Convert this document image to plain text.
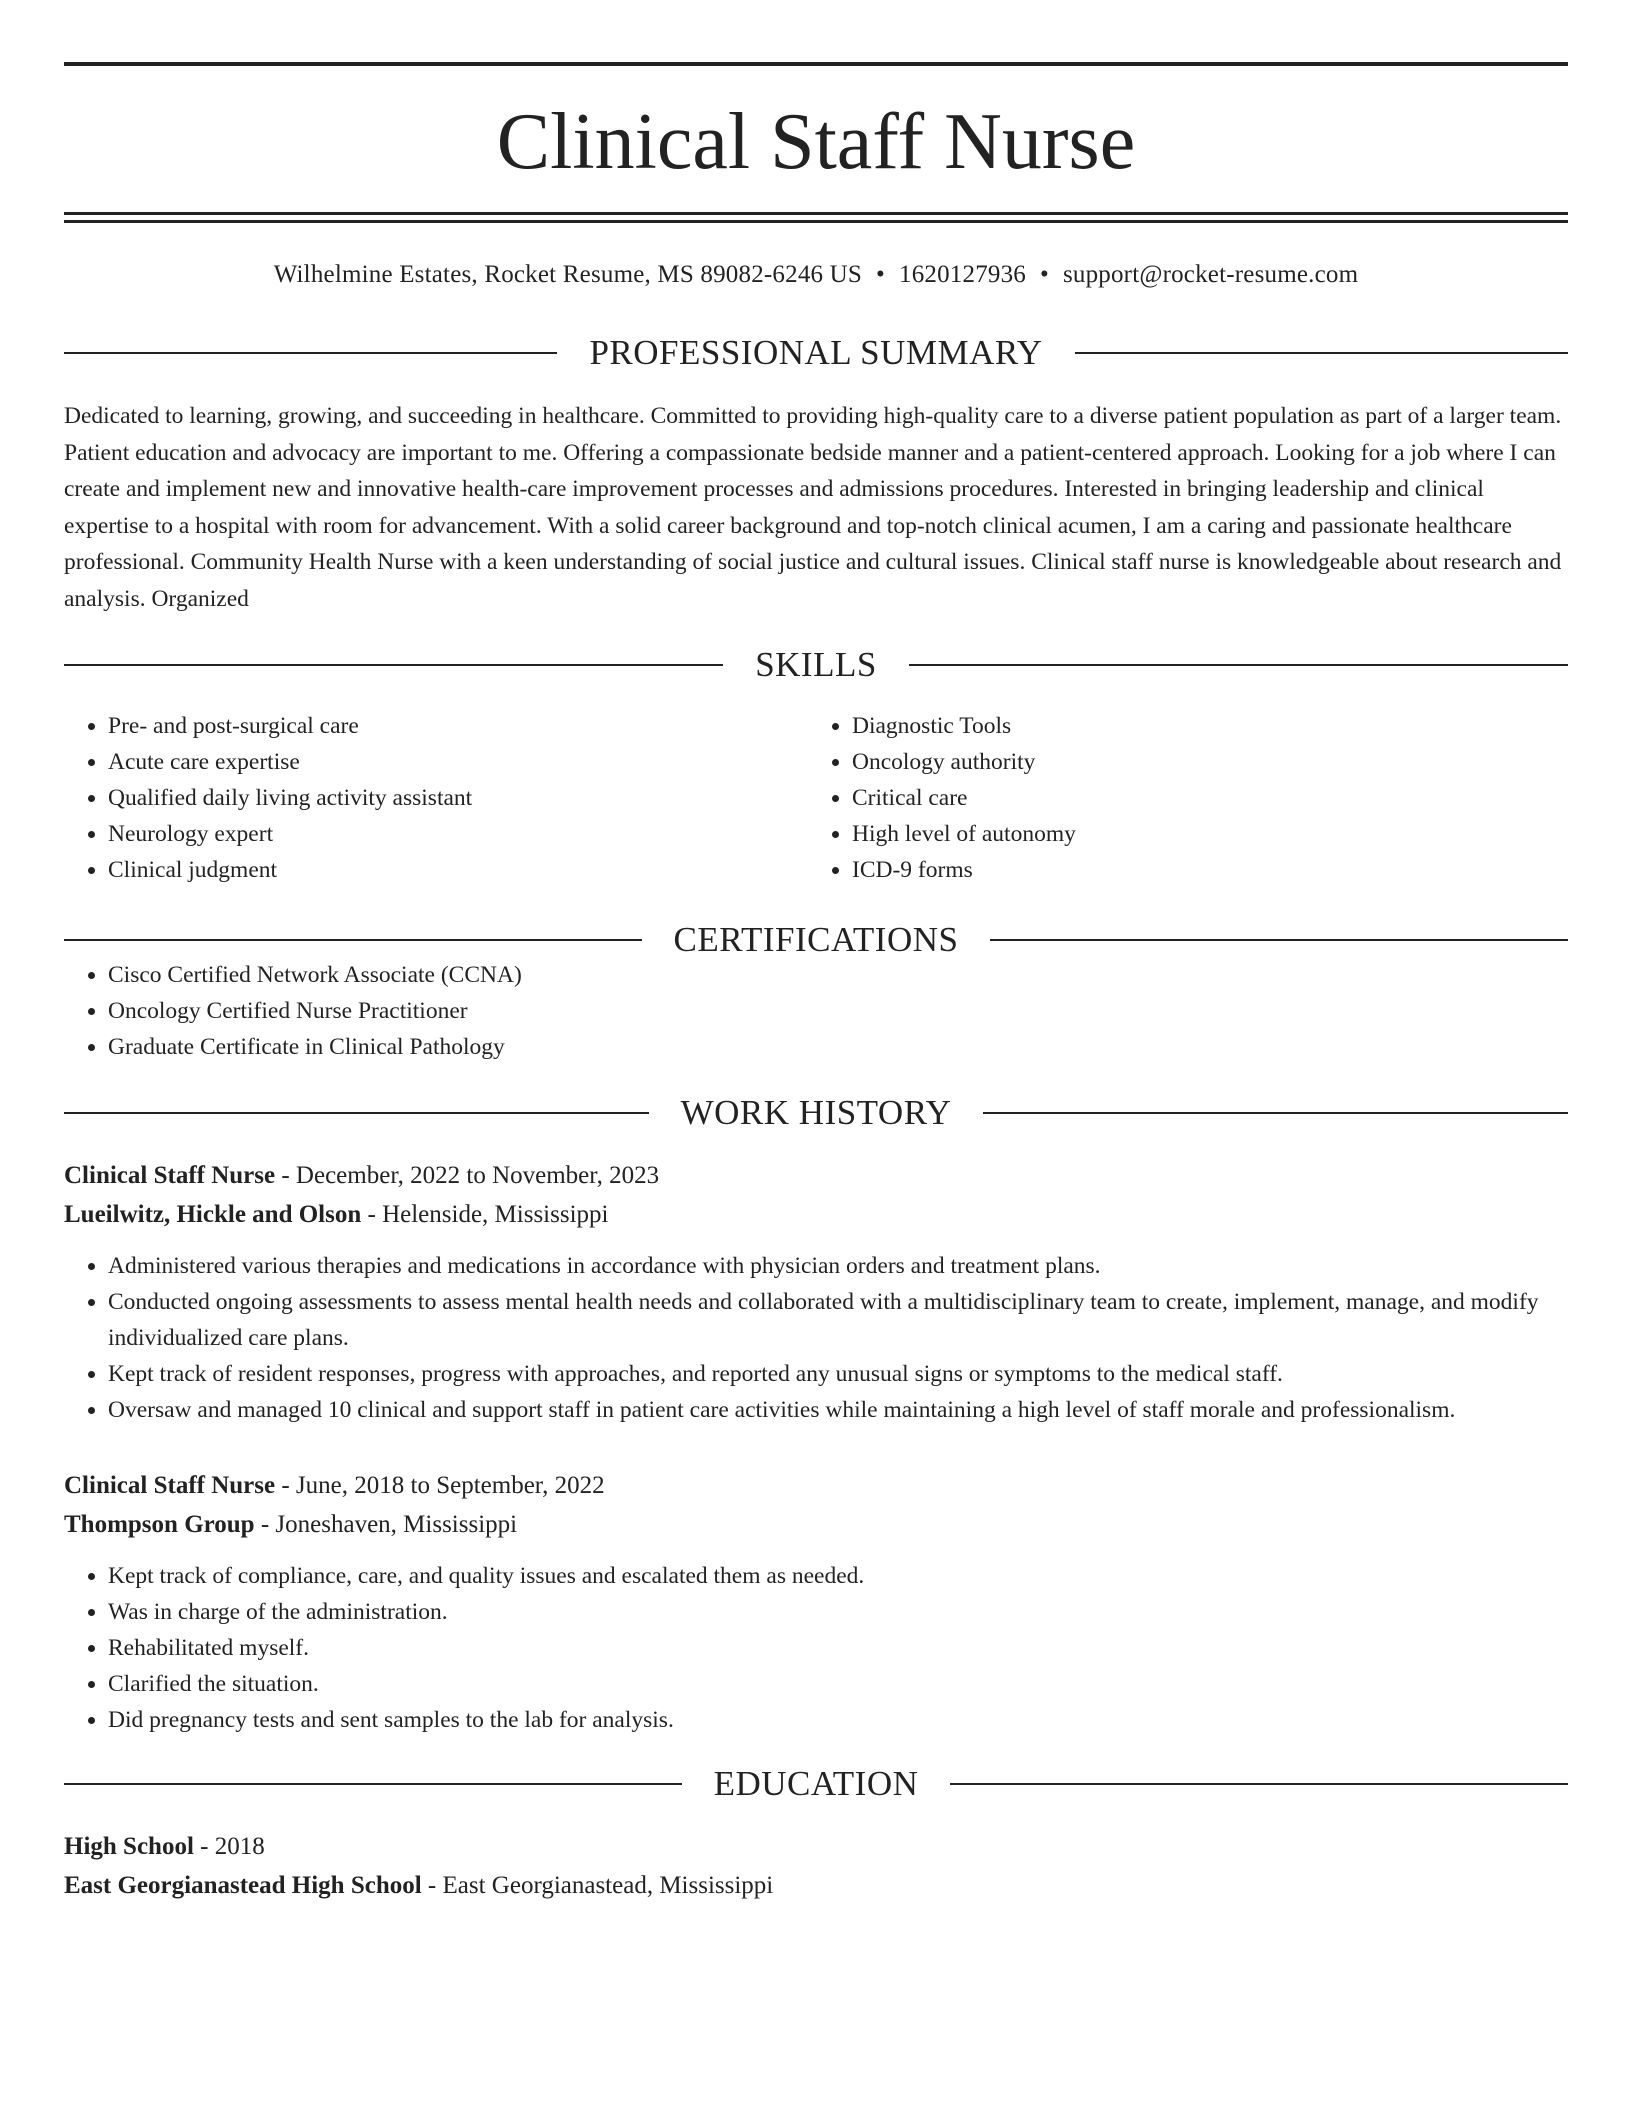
Clinical Staff Nurse
Wilhelmine Estates, Rocket Resume, MS 89082-6246 US • 1620127936 • support@rocket-resume.com
PROFESSIONAL SUMMARY

Dedicated to learning, growing, and succeeding in healthcare. Committed to providing high-quality care to a diverse patient population as part of a larger team. Patient education and advocacy are important to me. Offering a compassionate bedside manner and a patient-centered approach. Looking for a job where I can create and implement new and innovative health-care improvement processes and admissions procedures. Interested in bringing leadership and clinical expertise to a hospital with room for advancement. With a solid career background and top-notch clinical acumen, I am a caring and passionate healthcare professional. Community Health Nurse with a keen understanding of social justice and cultural issues. Clinical staff nurse is knowledgeable about research and analysis. Organized

SKILLS
• Pre- and post-surgical care
• Acute care expertise
• Qualified daily living activity assistant
• Neurology expert
• Clinical judgment
• Diagnostic Tools
• Oncology authority
• Critical care
• High level of autonomy
• ICD-9 forms
CERTIFICATIONS
• Cisco Certified Network Associate (CCNA)
• Oncology Certified Nurse Practitioner
• Graduate Certificate in Clinical Pathology
WORK HISTORY
Clinical Staff Nurse - December, 2022 to November, 2023
Lueilwitz, Hickle and Olson - Helenside, Mississippi
• Administered various therapies and medications in accordance with physician orders and treatment plans.
• Conducted ongoing assessments to assess mental health needs and collaborated with a multidisciplinary team to create, implement, manage, and modify individualized care plans.
• Kept track of resident responses, progress with approaches, and reported any unusual signs or symptoms to the medical staff.
• Oversaw and managed 10 clinical and support staff in patient care activities while maintaining a high level of staff morale and professionalism.
Clinical Staff Nurse - June, 2018 to September, 2022
Thompson Group - Joneshaven, Mississippi
• Kept track of compliance, care, and quality issues and escalated them as needed.
• Was in charge of the administration.
• Rehabilitated myself.
• Clarified the situation.
• Did pregnancy tests and sent samples to the lab for analysis.
EDUCATION
High School - 2018
East Georgianastead High School - East Georgianastead, Mississippi
